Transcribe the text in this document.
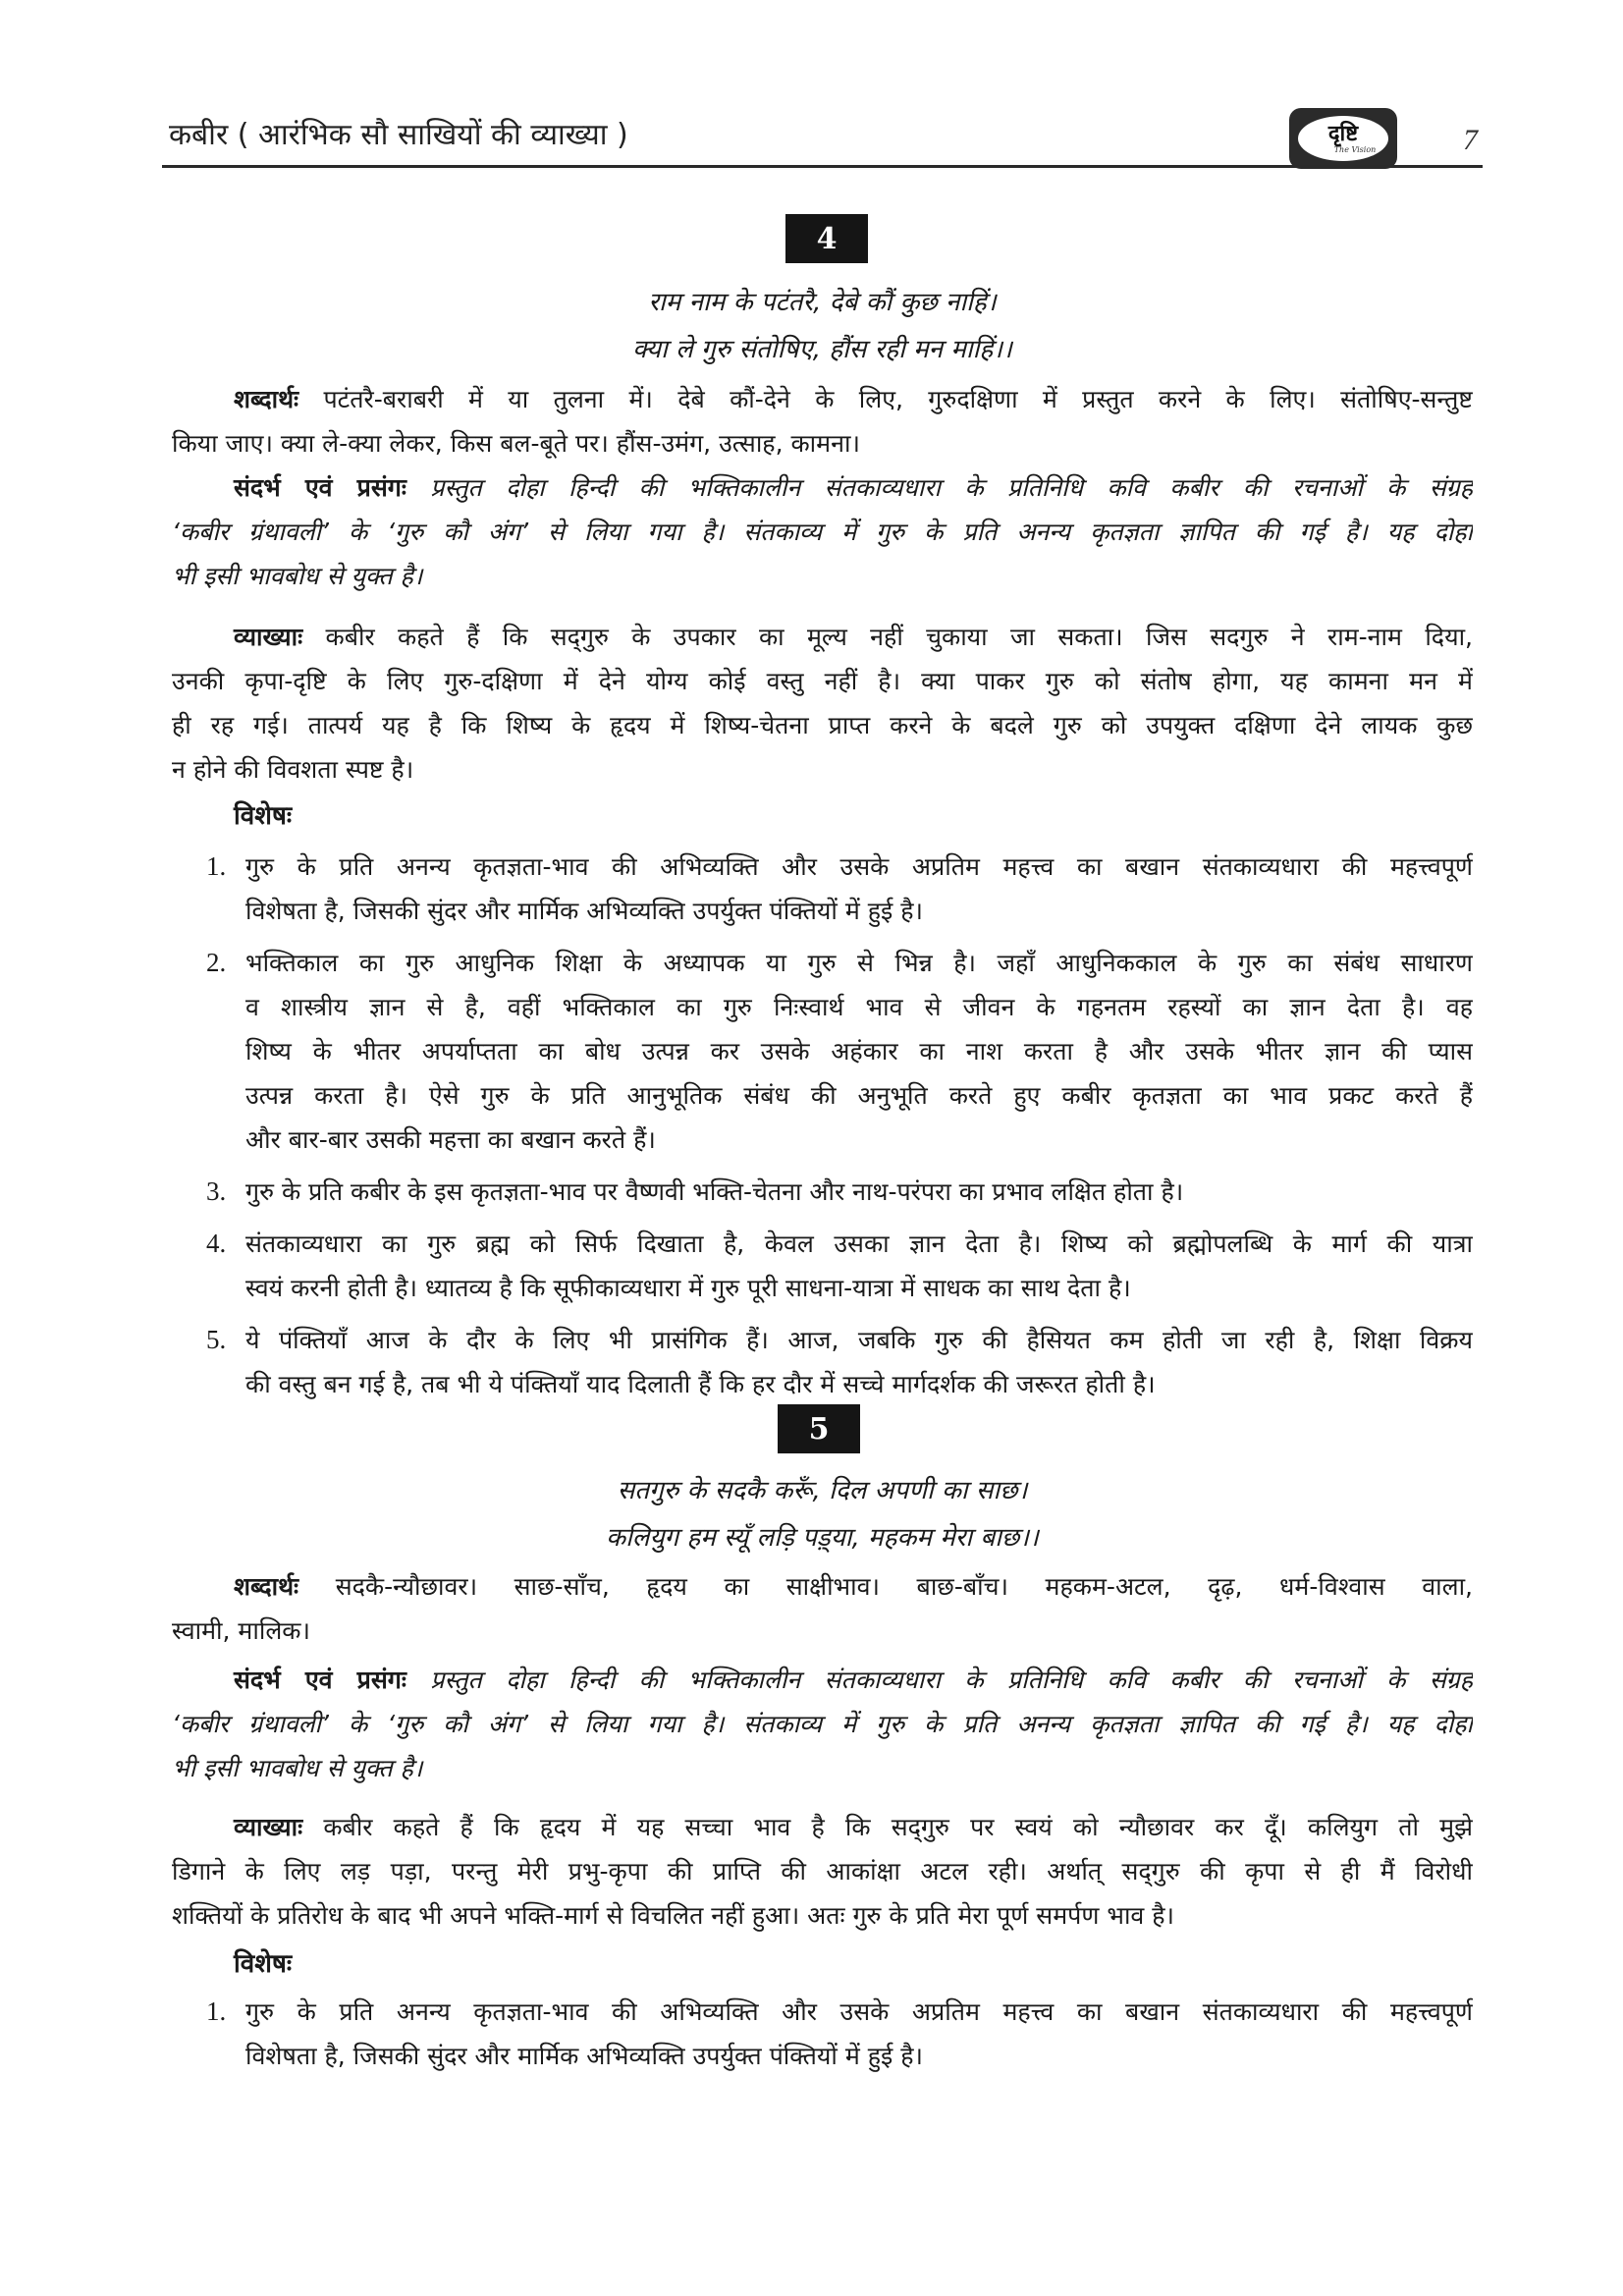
कबीर ( आरंभिक सौ साखियों की व्याख्या )	दृष्टि
The Vision	7
4
राम नाम के पटंतरै, देबे कौं कुछ नाहिं।
क्या ले गुरु संतोषिए, हौंस रही मन माहिं।।
शब्दार्थः पटंतरै-बराबरी में या तुलना में। देबे कौं-देने के लिए, गुरुदक्षिणा में प्रस्तुत करने के लिए। संतोषिए-सन्तुष्ट
किया जाए। क्या ले-क्या लेकर, किस बल-बूते पर। हौंस-उमंग, उत्साह, कामना।
संदर्भ एवं प्रसंगः प्रस्तुत दोहा हिन्दी की भक्तिकालीन संतकाव्यधारा के प्रतिनिधि कवि कबीर की रचनाओं के संग्रह
‘कबीर ग्रंथावली’ के ‘गुरु कौ अंग’ से लिया गया है। संतकाव्य में गुरु के प्रति अनन्य कृतज्ञता ज्ञापित की गई है। यह दोहा
भी इसी भावबोध से युक्त है।
व्याख्याः कबीर कहते हैं कि सद्‌गुरु के उपकार का मूल्य नहीं चुकाया जा सकता। जिस सदगुरु ने राम-नाम दिया,
उनकी कृपा-दृष्टि के लिए गुरु-दक्षिणा में देने योग्य कोई वस्तु नहीं है। क्या पाकर गुरु को संतोष होगा, यह कामना मन में
ही रह गई। तात्पर्य यह है कि शिष्य के हृदय में शिष्य-चेतना प्राप्त करने के बदले गुरु को उपयुक्त दक्षिणा देने लायक कुछ
न होने की विवशता स्पष्ट है।
विशेषः
1. गुरु के प्रति अनन्य कृतज्ञता-भाव की अभिव्यक्ति और उसके अप्रतिम महत्त्व का बखान संतकाव्यधारा की महत्त्वपूर्ण
विशेषता है, जिसकी सुंदर और मार्मिक अभिव्यक्ति उपर्युक्त पंक्तियों में हुई है।
2. भक्तिकाल का गुरु आधुनिक शिक्षा के अध्यापक या गुरु से भिन्न है। जहाँ आधुनिककाल के गुरु का संबंध साधारण
व शास्त्रीय ज्ञान से है, वहीं भक्तिकाल का गुरु निःस्वार्थ भाव से जीवन के गहनतम रहस्यों का ज्ञान देता है। वह
शिष्य के भीतर अपर्याप्तता का बोध उत्पन्न कर उसके अहंकार का नाश करता है और उसके भीतर ज्ञान की प्यास
उत्पन्न करता है। ऐसे गुरु के प्रति आनुभूतिक संबंध की अनुभूति करते हुए कबीर कृतज्ञता का भाव प्रकट करते हैं
और बार-बार उसकी महत्ता का बखान करते हैं।
3. गुरु के प्रति कबीर के इस कृतज्ञता-भाव पर वैष्णवी भक्ति-चेतना और नाथ-परंपरा का प्रभाव लक्षित होता है।
4. संतकाव्यधारा का गुरु ब्रह्म को सिर्फ दिखाता है, केवल उसका ज्ञान देता है। शिष्य को ब्रह्मोपलब्धि के मार्ग की यात्रा
स्वयं करनी होती है। ध्यातव्य है कि सूफीकाव्यधारा में गुरु पूरी साधना-यात्रा में साधक का साथ देता है।
5. ये पंक्तियाँ आज के दौर के लिए भी प्रासंगिक हैं। आज, जबकि गुरु की हैसियत कम होती जा रही है, शिक्षा विक्रय
की वस्तु बन गई है, तब भी ये पंक्तियाँ याद दिलाती हैं कि हर दौर में सच्चे मार्गदर्शक की जरूरत होती है।
5
सतगुरु के सदकै करूँ, दिल अपणी का साछ।
कलियुग हम स्यूँ लड़ि पड़्या, महकम मेरा बाछ।।
शब्दार्थः सदकै-न्यौछावर। साछ-साँच, हृदय का साक्षीभाव। बाछ-बाँच। महकम-अटल, दृढ़, धर्म-विश्वास वाला,
स्वामी, मालिक।
संदर्भ एवं प्रसंगः प्रस्तुत दोहा हिन्दी की भक्तिकालीन संतकाव्यधारा के प्रतिनिधि कवि कबीर की रचनाओं के संग्रह
‘कबीर ग्रंथावली’ के ‘गुरु कौ अंग’ से लिया गया है। संतकाव्य में गुरु के प्रति अनन्य कृतज्ञता ज्ञापित की गई है। यह दोहा
भी इसी भावबोध से युक्त है।
व्याख्याः कबीर कहते हैं कि हृदय में यह सच्चा भाव है कि सद्‌गुरु पर स्वयं को न्यौछावर कर दूँ। कलियुग तो मुझे
डिगाने के लिए लड़ पड़ा, परन्तु मेरी प्रभु-कृपा की प्राप्ति की आकांक्षा अटल रही। अर्थात् सद्‌गुरु की कृपा से ही मैं विरोधी
शक्तियों के प्रतिरोध के बाद भी अपने भक्ति-मार्ग से विचलित नहीं हुआ। अतः गुरु के प्रति मेरा पूर्ण समर्पण भाव है।
विशेषः
1. गुरु के प्रति अनन्य कृतज्ञता-भाव की अभिव्यक्ति और उसके अप्रतिम महत्त्व का बखान संतकाव्यधारा की महत्त्वपूर्ण
विशेषता है, जिसकी सुंदर और मार्मिक अभिव्यक्ति उपर्युक्त पंक्तियों में हुई है।
